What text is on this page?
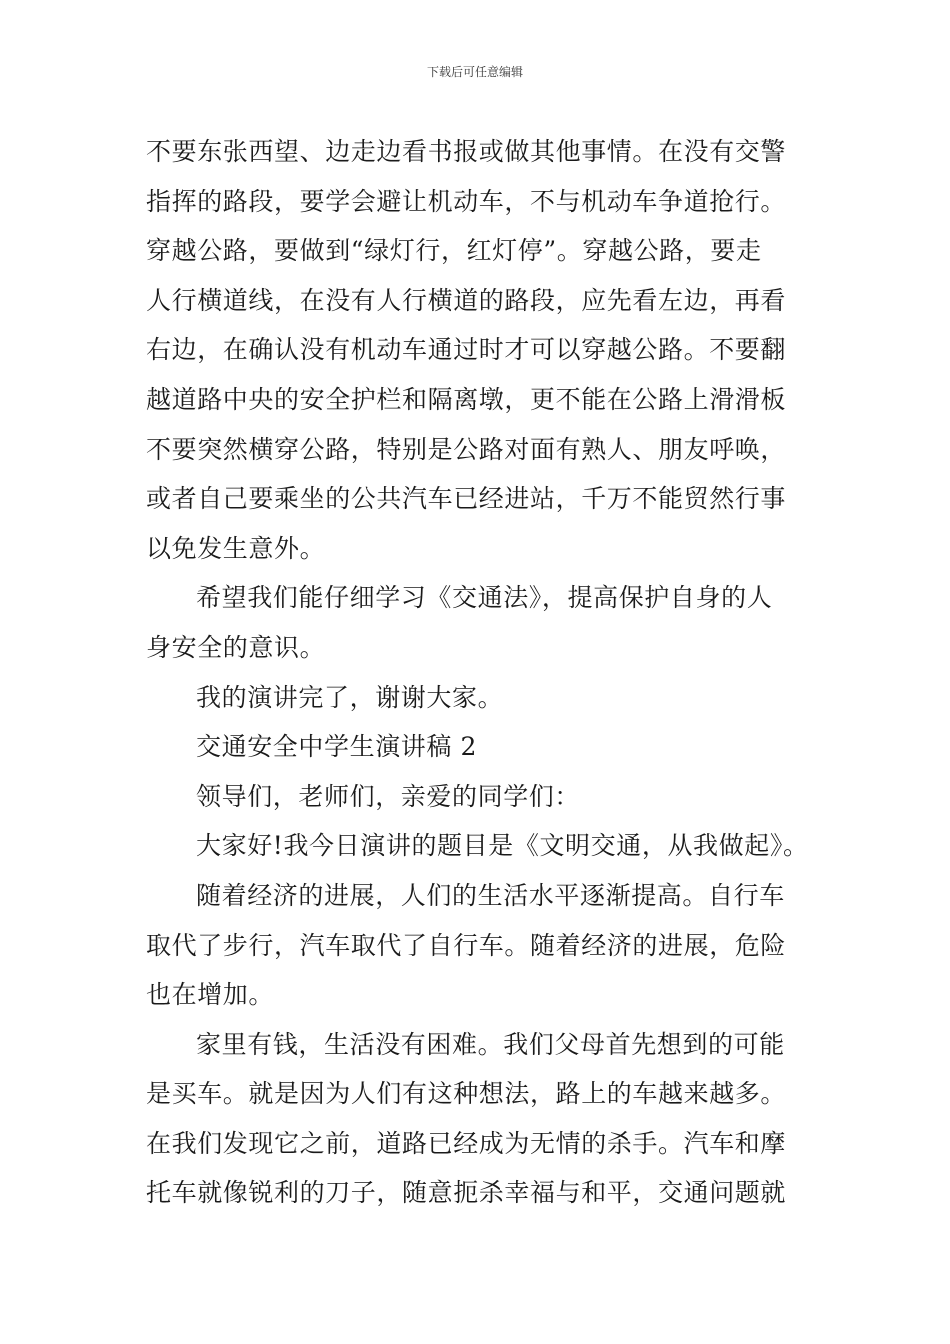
下载后可任意编辑
不要东张西望、边走边看书报或做其他事情。在没有交警
指挥的路段，要学会避让机动车，不与机动车争道抢行。
穿越公路，要做到“绿灯行，红灯停”。穿越公路，要走
人行横道线，在没有人行横道的路段，应先看左边，再看
右边，在确认没有机动车通过时才可以穿越公路。不要翻
越道路中央的安全护栏和隔离墩，更不能在公路上滑滑板
不要突然横穿公路，特别是公路对面有熟人、朋友呼唤，
或者自己要乘坐的公共汽车已经进站，千万不能贸然行事
以免发生意外。
希望我们能仔细学习《交通法》，提高保护自身的人
身安全的意识。
我的演讲完了，谢谢大家。
交通安全中学生演讲稿 2
领导们，老师们，亲爱的同学们：
大家好!我今日演讲的题目是《文明交通，从我做起》。
随着经济的进展，人们的生活水平逐渐提高。自行车
取代了步行，汽车取代了自行车。随着经济的进展，危险
也在增加。
家里有钱，生活没有困难。我们父母首先想到的可能
是买车。就是因为人们有这种想法，路上的车越来越多。
在我们发现它之前，道路已经成为无情的杀手。汽车和摩
托车就像锐利的刀子，随意扼杀幸福与和平，交通问题就
